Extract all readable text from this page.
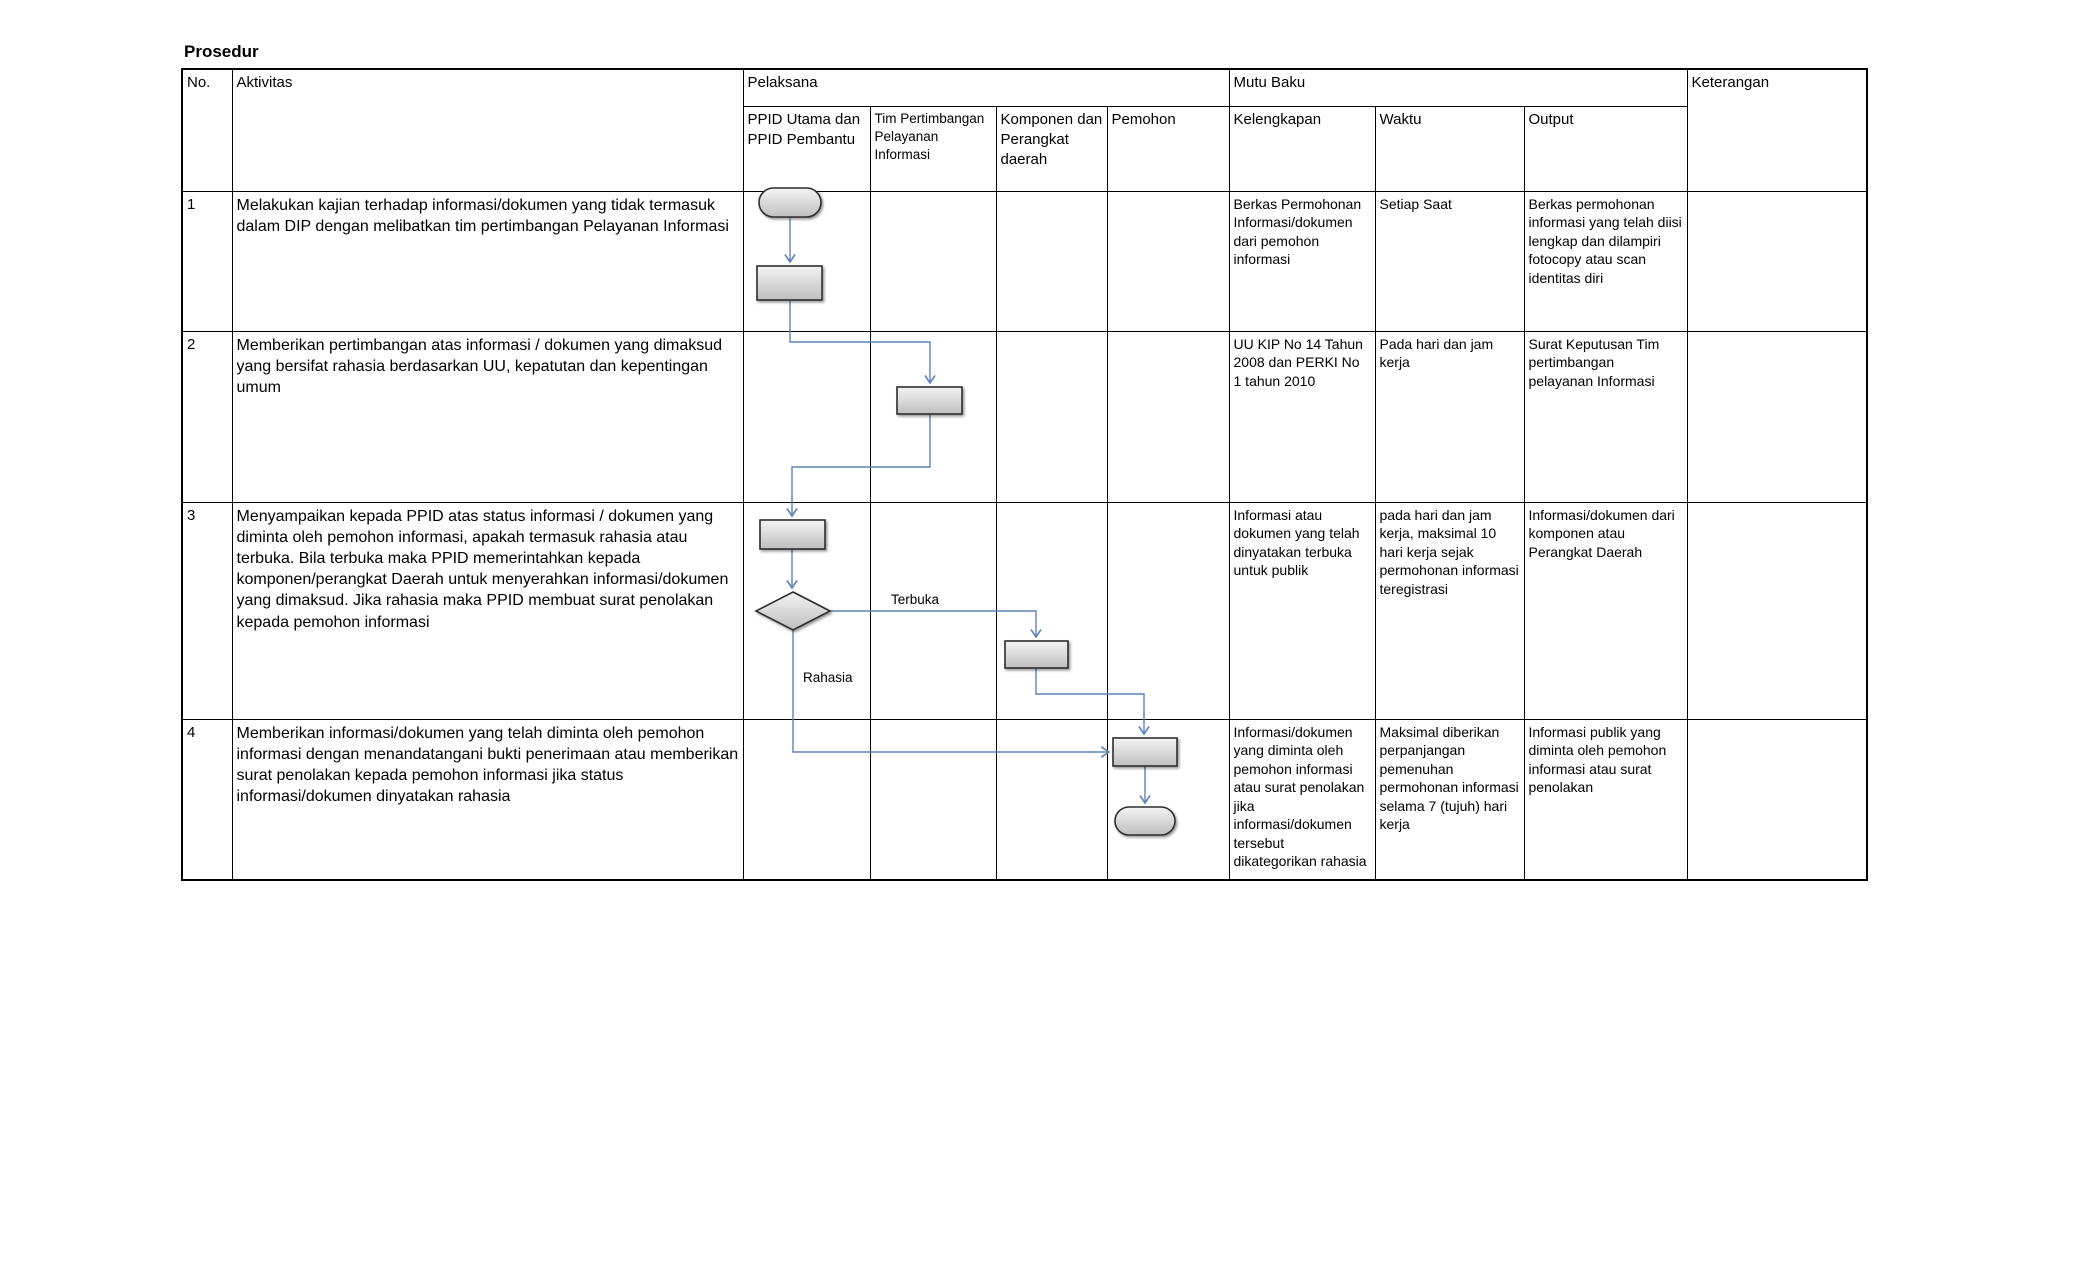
Prosedur
No.	Aktivitas	Pelaksana				Mutu Baku			Keterangan
		PPID Utama dan PPID Pembantu	Tim Pertimbangan Pelayanan Informasi	Komponen dan Perangkat daerah	Pemohon	Kelengkapan	Waktu	Output	
1	Melakukan kajian terhadap informasi/dokumen yang tidak termasuk dalam DIP dengan melibatkan tim pertimbangan Pelayanan Informasi					Berkas Permohonan Informasi/dokumen dari pemohon informasi	Setiap Saat	Berkas permohonan informasi yang telah diisi lengkap dan dilampiri fotocopy atau scan identitas diri	
2	Memberikan pertimbangan atas informasi / dokumen yang dimaksud yang bersifat rahasia berdasarkan UU, kepatutan dan kepentingan umum					UU KIP No 14 Tahun 2008 dan PERKI No 1 tahun 2010	Pada hari dan jam kerja	Surat Keputusan Tim pertimbangan pelayanan Informasi	
3	Menyampaikan kepada PPID atas status informasi / dokumen yang diminta oleh pemohon informasi, apakah termasuk rahasia atau terbuka. Bila terbuka maka PPID memerintahkan kepada komponen/perangkat Daerah untuk menyerahkan informasi/dokumen yang dimaksud. Jika rahasia maka PPID membuat surat penolakan kepada pemohon informasi					Informasi atau dokumen yang telah dinyatakan terbuka untuk publik	pada hari dan jam kerja, maksimal 10 hari kerja sejak permohonan informasi teregistrasi	Informasi/dokumen dari komponen atau Perangkat Daerah	
4	Memberikan informasi/dokumen yang telah diminta oleh pemohon informasi dengan menandatangani bukti penerimaan atau memberikan surat penolakan kepada pemohon informasi jika status informasi/dokumen dinyatakan rahasia					Informasi/dokumen yang diminta oleh pemohon informasi atau surat penolakan jika informasi/dokumen tersebut dikategorikan rahasia	Maksimal diberikan perpanjangan pemenuhan permohonan informasi selama 7 (tujuh) hari kerja	Informasi publik yang diminta oleh pemohon informasi atau surat penolakan	
Terbuka
Rahasia
